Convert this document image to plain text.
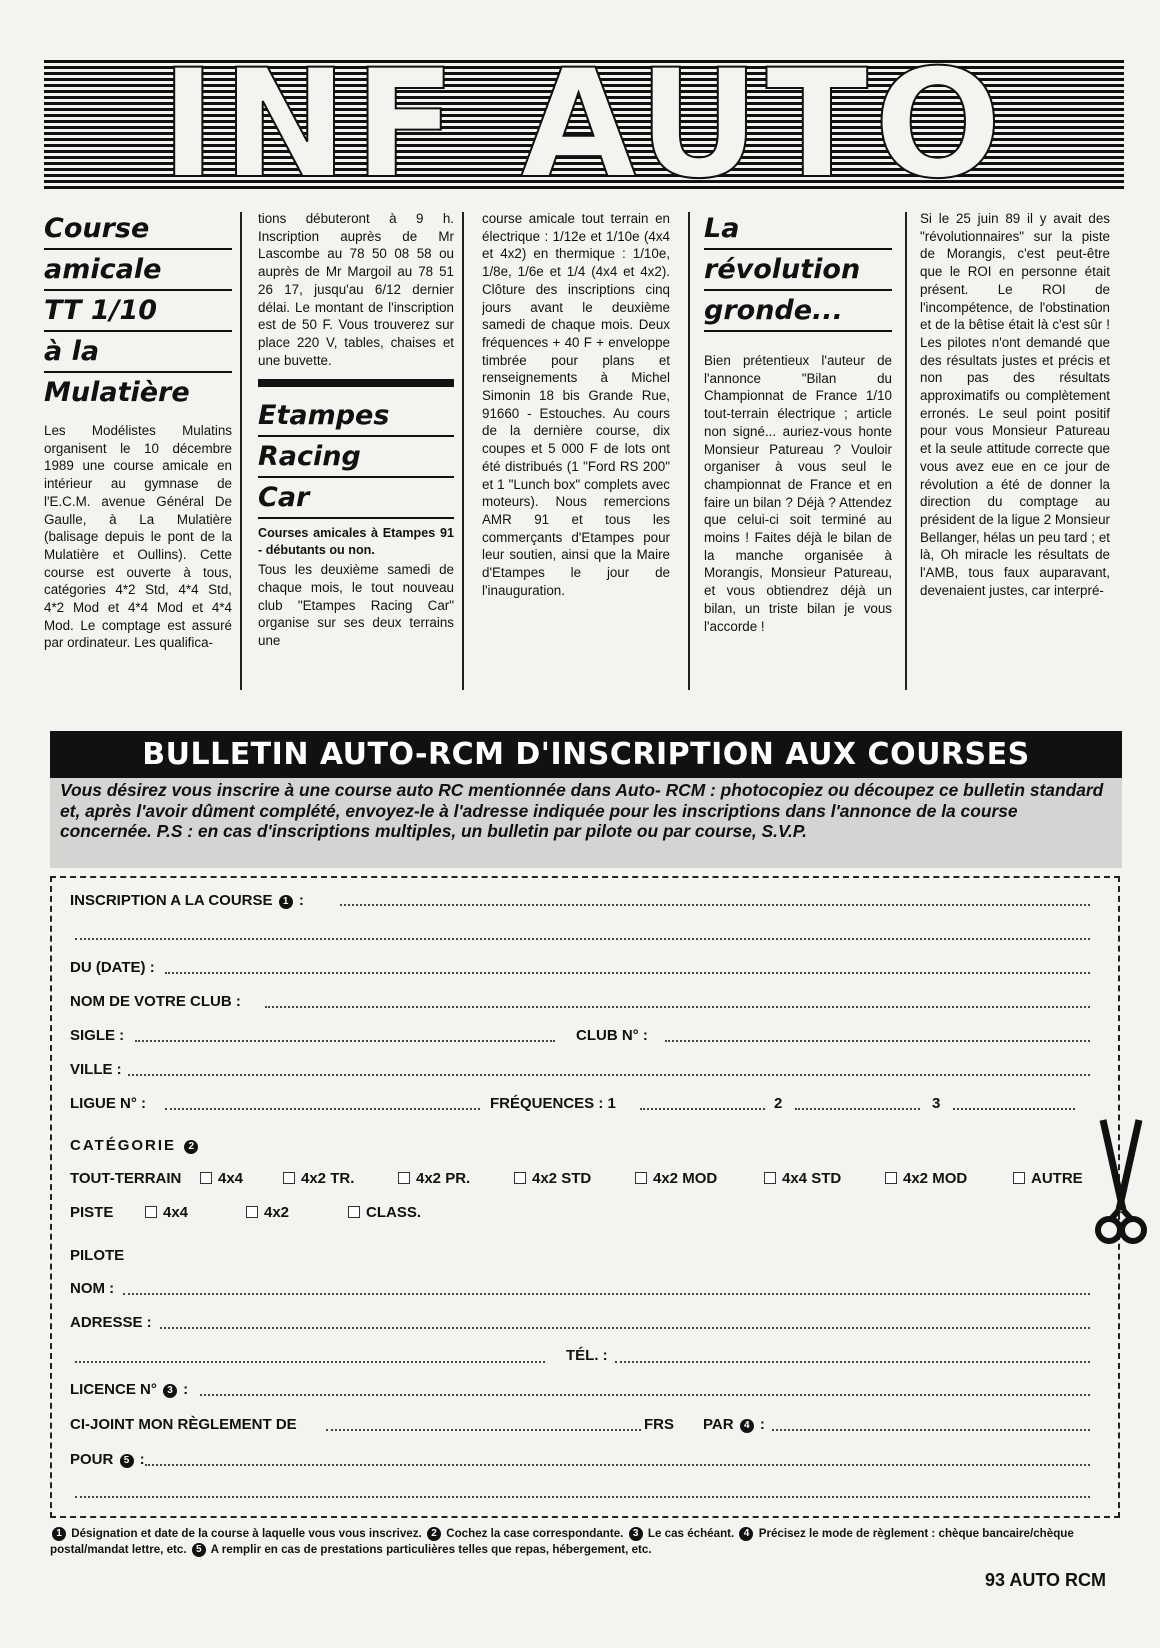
INF AUTO
Course
amicale
TT 1/10
à la
Mulatière

Les Modélistes Mulatins organisent le 10 décembre 1989 une course amicale en intérieur au gymnase de l'E.C.M. avenue Général De Gaulle, à La Mulatière (balisage depuis le pont de la Mulatière et Oullins). Cette course est ouverte à tous, catégories 4*2 Std, 4*4 Std, 4*2 Mod et 4*4 Mod et 4*4 Mod. Le comptage est assuré par ordinateur. Les qualifica-

tions débuteront à 9 h. Inscription auprès de Mr Lascombe au 78 50 08 58 ou auprès de Mr Margoil au 78 51 26 17, jusqu'au 6/12 dernier délai. Le montant de l'inscription est de 50 F. Vous trouverez sur place 220 V, tables, chaises et une buvette.

Etampes
Racing
Car

Courses amicales à Etampes 91 - débutants ou non.

Tous les deuxième samedi de chaque mois, le tout nouveau club "Etampes Racing Car" organise sur ses deux terrains une

course amicale tout terrain en électrique : 1/12e et 1/10e (4x4 et 4x2) en thermique : 1/10e, 1/8e, 1/6e et 1/4 (4x4 et 4x2). Clôture des inscriptions cinq jours avant le deuxième samedi de chaque mois. Deux fréquences + 40 F + enveloppe timbrée pour plans et renseignements à Michel Simonin 18 bis Grande Rue, 91660 - Estouches. Au cours de la dernière course, dix coupes et 5 000 F de lots ont été distribués (1 "Ford RS 200" et 1 "Lunch box" complets avec moteurs). Nous remercions AMR 91 et tous les commerçants d'Etampes pour leur soutien, ainsi que la Maire d'Etampes le jour de l'inauguration.

La
révolution
gronde...

Bien prétentieux l'auteur de l'annonce "Bilan du Championnat de France 1/10 tout-terrain électrique ; article non signé... auriez-vous honte Monsieur Patureau ? Vouloir organiser à vous seul le championnat de France et en faire un bilan ? Déjà ? Attendez que celui-ci soit terminé au moins ! Faites déjà le bilan de la manche organisée à Morangis, Monsieur Patureau, et vous obtiendrez déjà un bilan, un triste bilan je vous l'accorde !

Si le 25 juin 89 il y avait des "révolutionnaires" sur la piste de Morangis, c'est peut-être que le ROI en personne était présent. Le ROI de l'incompétence, de l'obstination et de la bêtise était là c'est sûr ! Les pilotes n'ont demandé que des résultats justes et précis et non pas des résultats approximatifs ou complètement erronés. Le seul point positif pour vous Monsieur Patureau et la seule attitude correcte que vous avez eue en ce jour de révolution a été de donner la direction du comptage au président de la ligue 2 Monsieur Bellanger, hélas un peu tard ; et là, Oh miracle les résultats de l'AMB, tous faux auparavant, devenaient justes, car interpré-

BULLETIN AUTO-RCM D'INSCRIPTION AUX COURSES
Vous désirez vous inscrire à une course auto RC mentionnée dans Auto- RCM : photocopiez ou découpez ce bulletin standard et, après l'avoir dûment complété, envoyez-le à l'adresse indiquée pour les inscriptions dans l'annonce de la course concernée. P.S : en cas d'inscriptions multiples, un bulletin par pilote ou par course, S.V.P.
INSCRIPTION A LA COURSE 1 :
DU (DATE) :
NOM DE VOTRE CLUB :
SIGLE :	CLUB N° :
VILLE :
LIGUE N° :	FRÉQUENCES : 1	2	3
CATÉGORIE 2
TOUT-TERRAIN	4x4	4x2 TR.	4x2 PR.	4x2 STD	4x2 MOD	4x4 STD	4x2 MOD	AUTRE
PISTE	4x4	4x2	CLASS.
PILOTE
NOM :
ADRESSE :
TÉL. :
LICENCE N° 3 :
CI-JOINT MON RÈGLEMENT DE	FRS PAR 4 :
POUR 5 :
1 Désignation et date de la course à laquelle vous vous inscrivez. 2 Cochez la case correspondante. 3 Le cas échéant. 4 Précisez le mode de règlement : chèque bancaire/chèque postal/mandat lettre, etc. 5 A remplir en cas de prestations particulières telles que repas, hébergement, etc.
93 AUTO RCM
